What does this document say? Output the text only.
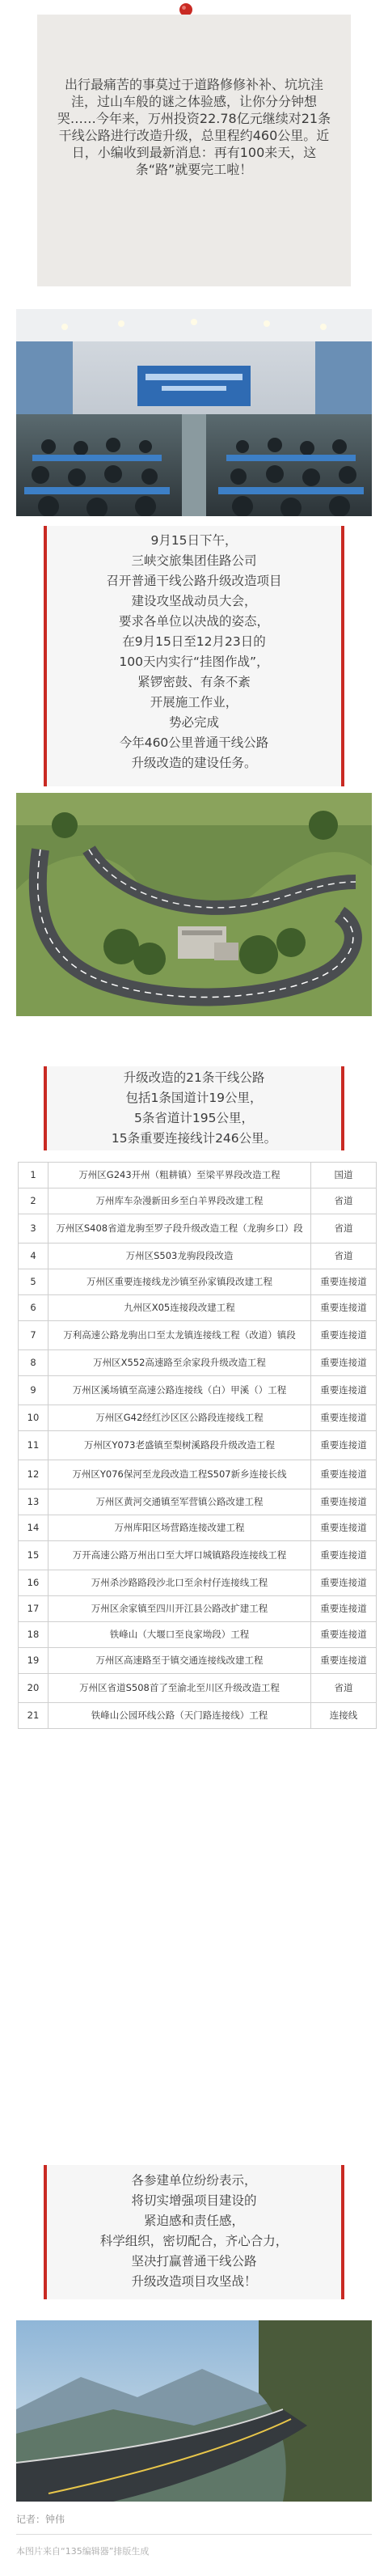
出行最痛苦的事莫过于道路修修补补、坑坑洼洼，过山车般的谜之体验感，让你分分钟想哭……今年来，万州投资22.78亿元继续对21条干线公路进行改造升级，总里程约460公里。近日，小编收到最新消息：再有100来天，这条“路”就要完工啦！
9月15日下午，
三峡交旅集团佳路公司
召开普通干线公路升级改造项目
建设攻坚战动员大会，
要求各单位以决战的姿态，
在9月15日至12月23日的
100天内实行“挂图作战”，
紧锣密鼓、有条不紊
开展施工作业，
势必完成
今年460公里普通干线公路
升级改造的建设任务。
升级改造的21条干线公路
包括1条国道计19公里，
5条省道计195公里，
15条重要连接线计246公里。
1	万州区G243开州（粗耕镇）至梁平界段改造工程	国道
2	万州库车杂漫新田乡至白羊界段改建工程	省道
3	万州区S408省道龙驹至罗子段升级改造工程（龙驹乡口）段	省道
4	万州区S503龙驹段段改造	省道
5	万州区重要连接线龙沙镇至孙家镇段改建工程	重要连接道
6	九州区X05连接段改建工程	重要连接道
7	万利高速公路龙驹出口至太龙镇连接线工程（改道）镇段	重要连接道
8	万州区X552高速路至余家段升级改造工程	重要连接道
9	万州区溪场镇至高速公路连接线（白）甲溪（）工程	重要连接道
10	万州区G42经红沙区区公路段连接线工程	重要连接道
11	万州区Y073老盛镇至梨树溪路段升级改造工程	重要连接道
12	万州区Y076保河至龙段改造工程S507新乡连接长线	重要连接道
13	万州区黄河交通镇至军营镇公路改建工程	重要连接道
14	万州库阳区场营路连接改建工程	重要连接道
15	万开高速公路万州出口至大坪口城镇路段连接线工程	重要连接道
16	万州杀沙路路段沙北口至余村仔连接线工程	重要连接道
17	万州区余家镇至四川开江县公路改扩建工程	重要连接道
18	铁峰山（大堰口至良家坳段）工程	重要连接道
19	万州区高速路至于镇交通连接线改建工程	重要连接道
20	万州区省道S508首了至渝北至川区升级改造工程	省道
21	铁峰山公园环线公路（天门路连接线）工程	连接线
各参建单位纷纷表示，
将切实增强项目建设的
紧迫感和责任感，
科学组织，密切配合，齐心合力，
坚决打赢普通干线公路
升级改造项目攻坚战！
记者：钟伟
本图片来自“135编辑器”排版生成
